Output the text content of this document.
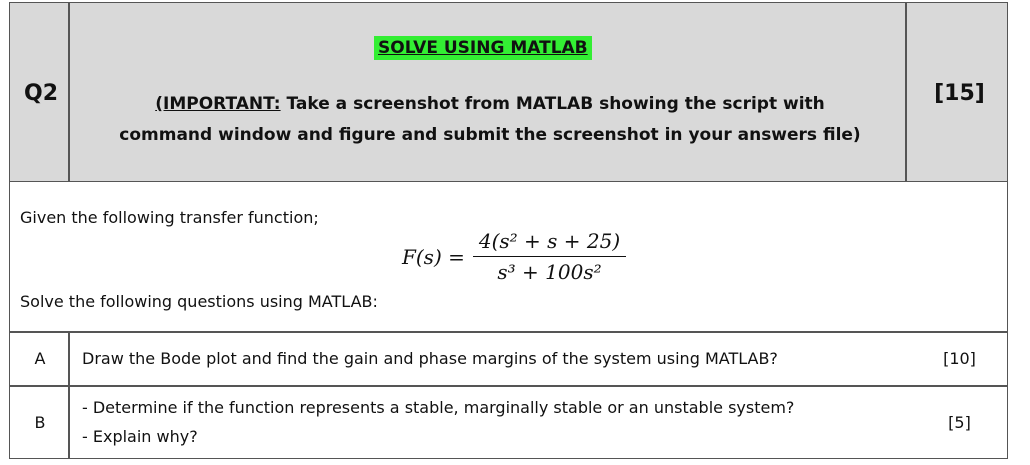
Q2
SOLVE USING MATLAB
(IMPORTANT: Take a screenshot from MATLAB showing the script with
command window and figure and submit the screenshot in your answers file)
[15]
Given the following transfer function;
$F(s) = \frac{\text{4(s² + s + 25)}}{\text{s³ + 100s²}}$
Solve the following questions using MATLAB:
A	Draw the Bode plot and find the gain and phase margins of the system using MATLAB?	[10]
B
- Determine if the function represents a stable, marginally stable or an unstable system?
- Explain why?
[5]
